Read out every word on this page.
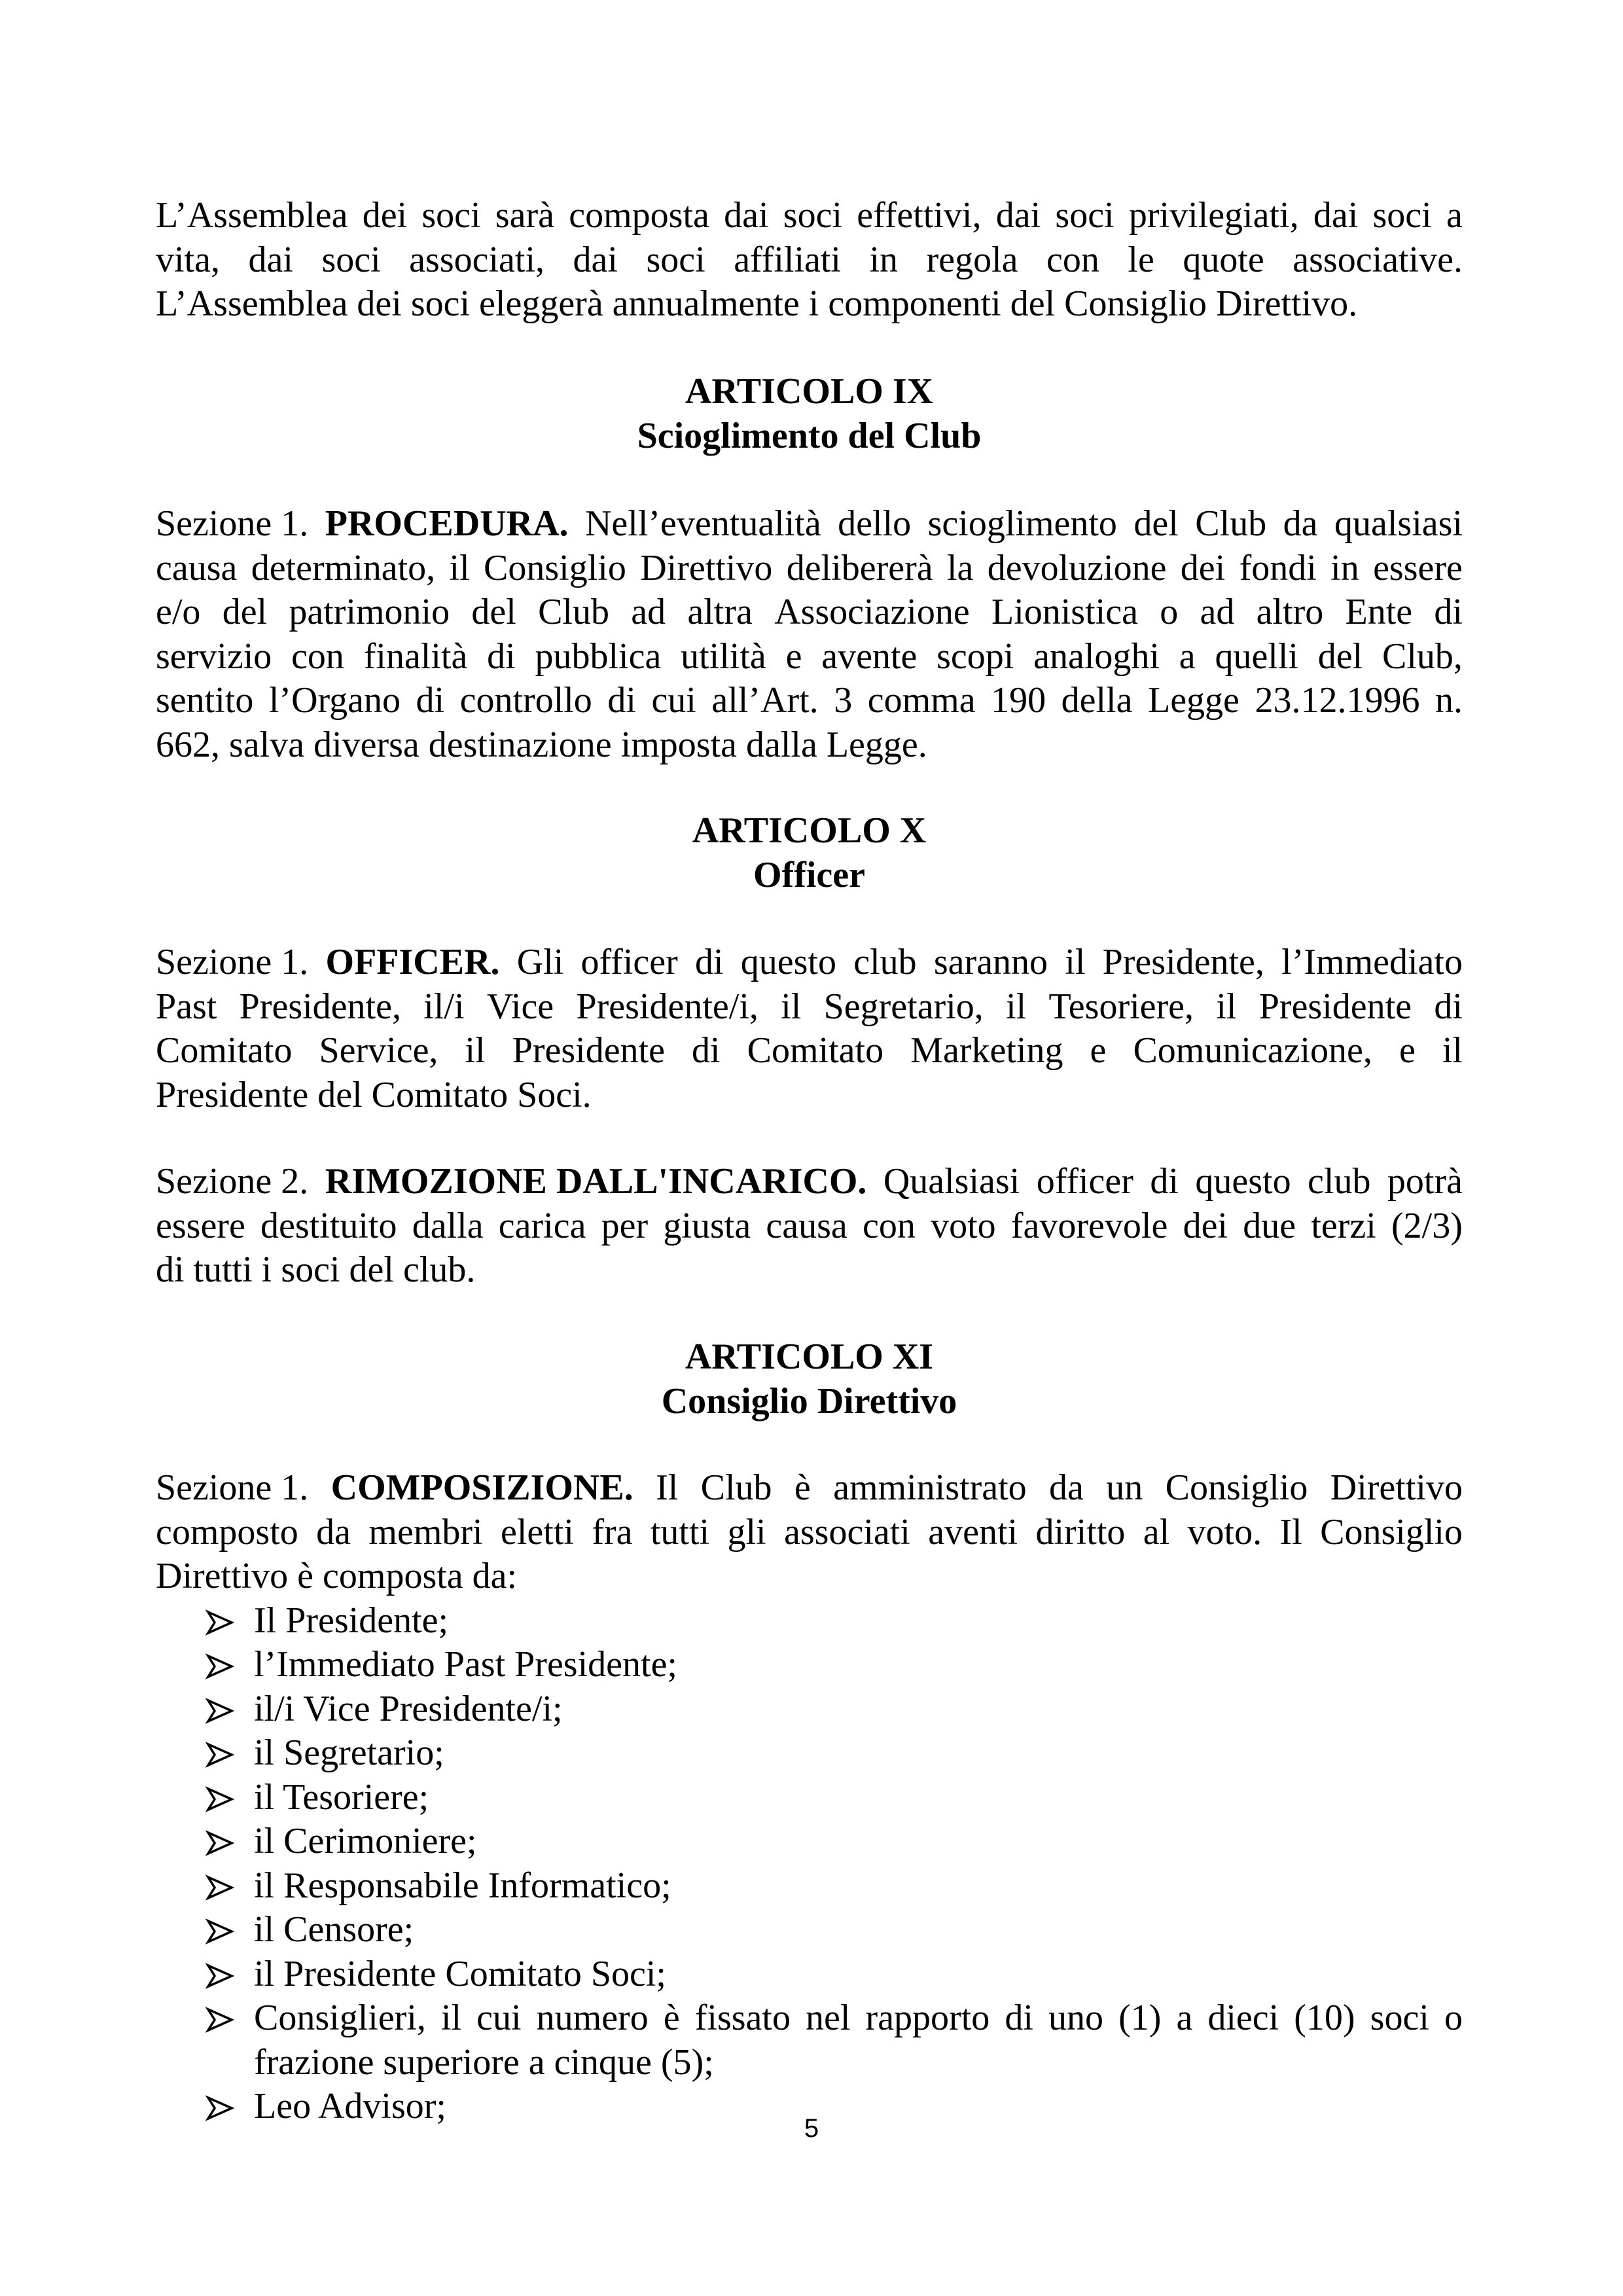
L’Assemblea dei soci sarà composta dai soci effettivi, dai soci privilegiati, dai soci a
vita, dai soci associati, dai soci affiliati in regola con le quote associative.
L’Assemblea dei soci eleggerà annualmente i componenti del Consiglio Direttivo.
ARTICOLO IX
Scioglimento del Club
Sezione 1. PROCEDURA. Nell’eventualità dello scioglimento del Club da qualsiasi
causa determinato, il Consiglio Direttivo delibererà la devoluzione dei fondi in essere
e/o del patrimonio del Club ad altra Associazione Lionistica o ad altro Ente di
servizio con finalità di pubblica utilità e avente scopi analoghi a quelli del Club,
sentito l’Organo di controllo di cui all’Art. 3 comma 190 della Legge 23.12.1996 n.
662, salva diversa destinazione imposta dalla Legge.
ARTICOLO X
Officer
Sezione 1. OFFICER. Gli officer di questo club saranno il Presidente, l’Immediato
Past Presidente, il/i Vice Presidente/i, il Segretario, il Tesoriere, il Presidente di
Comitato Service, il Presidente di Comitato Marketing e Comunicazione, e il
Presidente del Comitato Soci.
Sezione 2. RIMOZIONE DALL'INCARICO. Qualsiasi officer di questo club potrà
essere destituito dalla carica per giusta causa con voto favorevole dei due terzi (2/3)
di tutti i soci del club.
ARTICOLO XI
Consiglio Direttivo
Sezione 1. COMPOSIZIONE. Il Club è amministrato da un Consiglio Direttivo
composto da membri eletti fra tutti gli associati aventi diritto al voto. Il Consiglio
Direttivo è composta da:
Il Presidente;
l’Immediato Past Presidente;
il/i Vice Presidente/i;
il Segretario;
il Tesoriere;
il Cerimoniere;
il Responsabile Informatico;
il Censore;
il Presidente Comitato Soci;
Consiglieri, il cui numero è fissato nel rapporto di uno (1) a dieci (10) soci o
frazione superiore a cinque (5);
Leo Advisor;
5
